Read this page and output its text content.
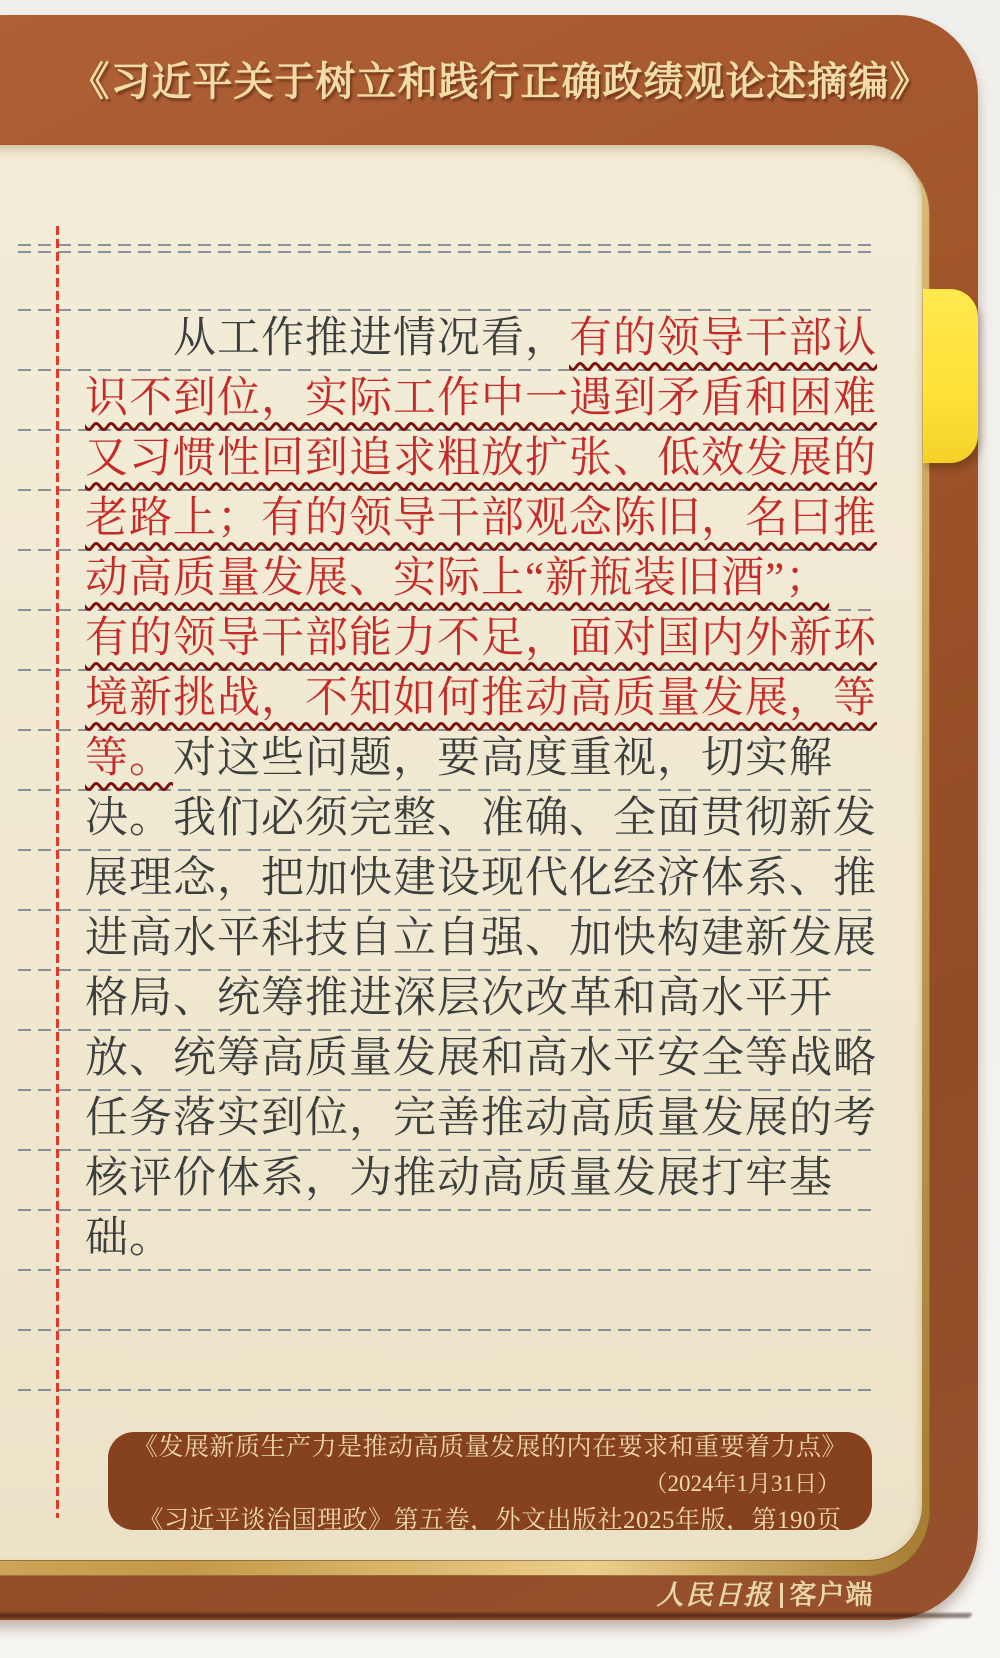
《习近平关于树立和践行正确政绩观论述摘编》
从工作推进情况看，有的领导干部认
识不到位，实际工作中一遇到矛盾和困难
又习惯性回到追求粗放扩张、低效发展的
老路上；有的领导干部观念陈旧，名曰推
动高质量发展、实际上“新瓶装旧酒”；
有的领导干部能力不足，面对国内外新环
境新挑战，不知如何推动高质量发展，等
等。对这些问题，要高度重视，切实解
决。我们必须完整、准确、全面贯彻新发
展理念，把加快建设现代化经济体系、推
进高水平科技自立自强、加快构建新发展
格局、统筹推进深层次改革和高水平开
放、统筹高质量发展和高水平安全等战略
任务落实到位，完善推动高质量发展的考
核评价体系，为推动高质量发展打牢基
础。
《发展新质生产力是推动高质量发展的内在要求和重要着力点》
（2024年1月31日）
《习近平谈治国理政》第五卷，外文出版社2025年版，第190页
人民日报 客户端
